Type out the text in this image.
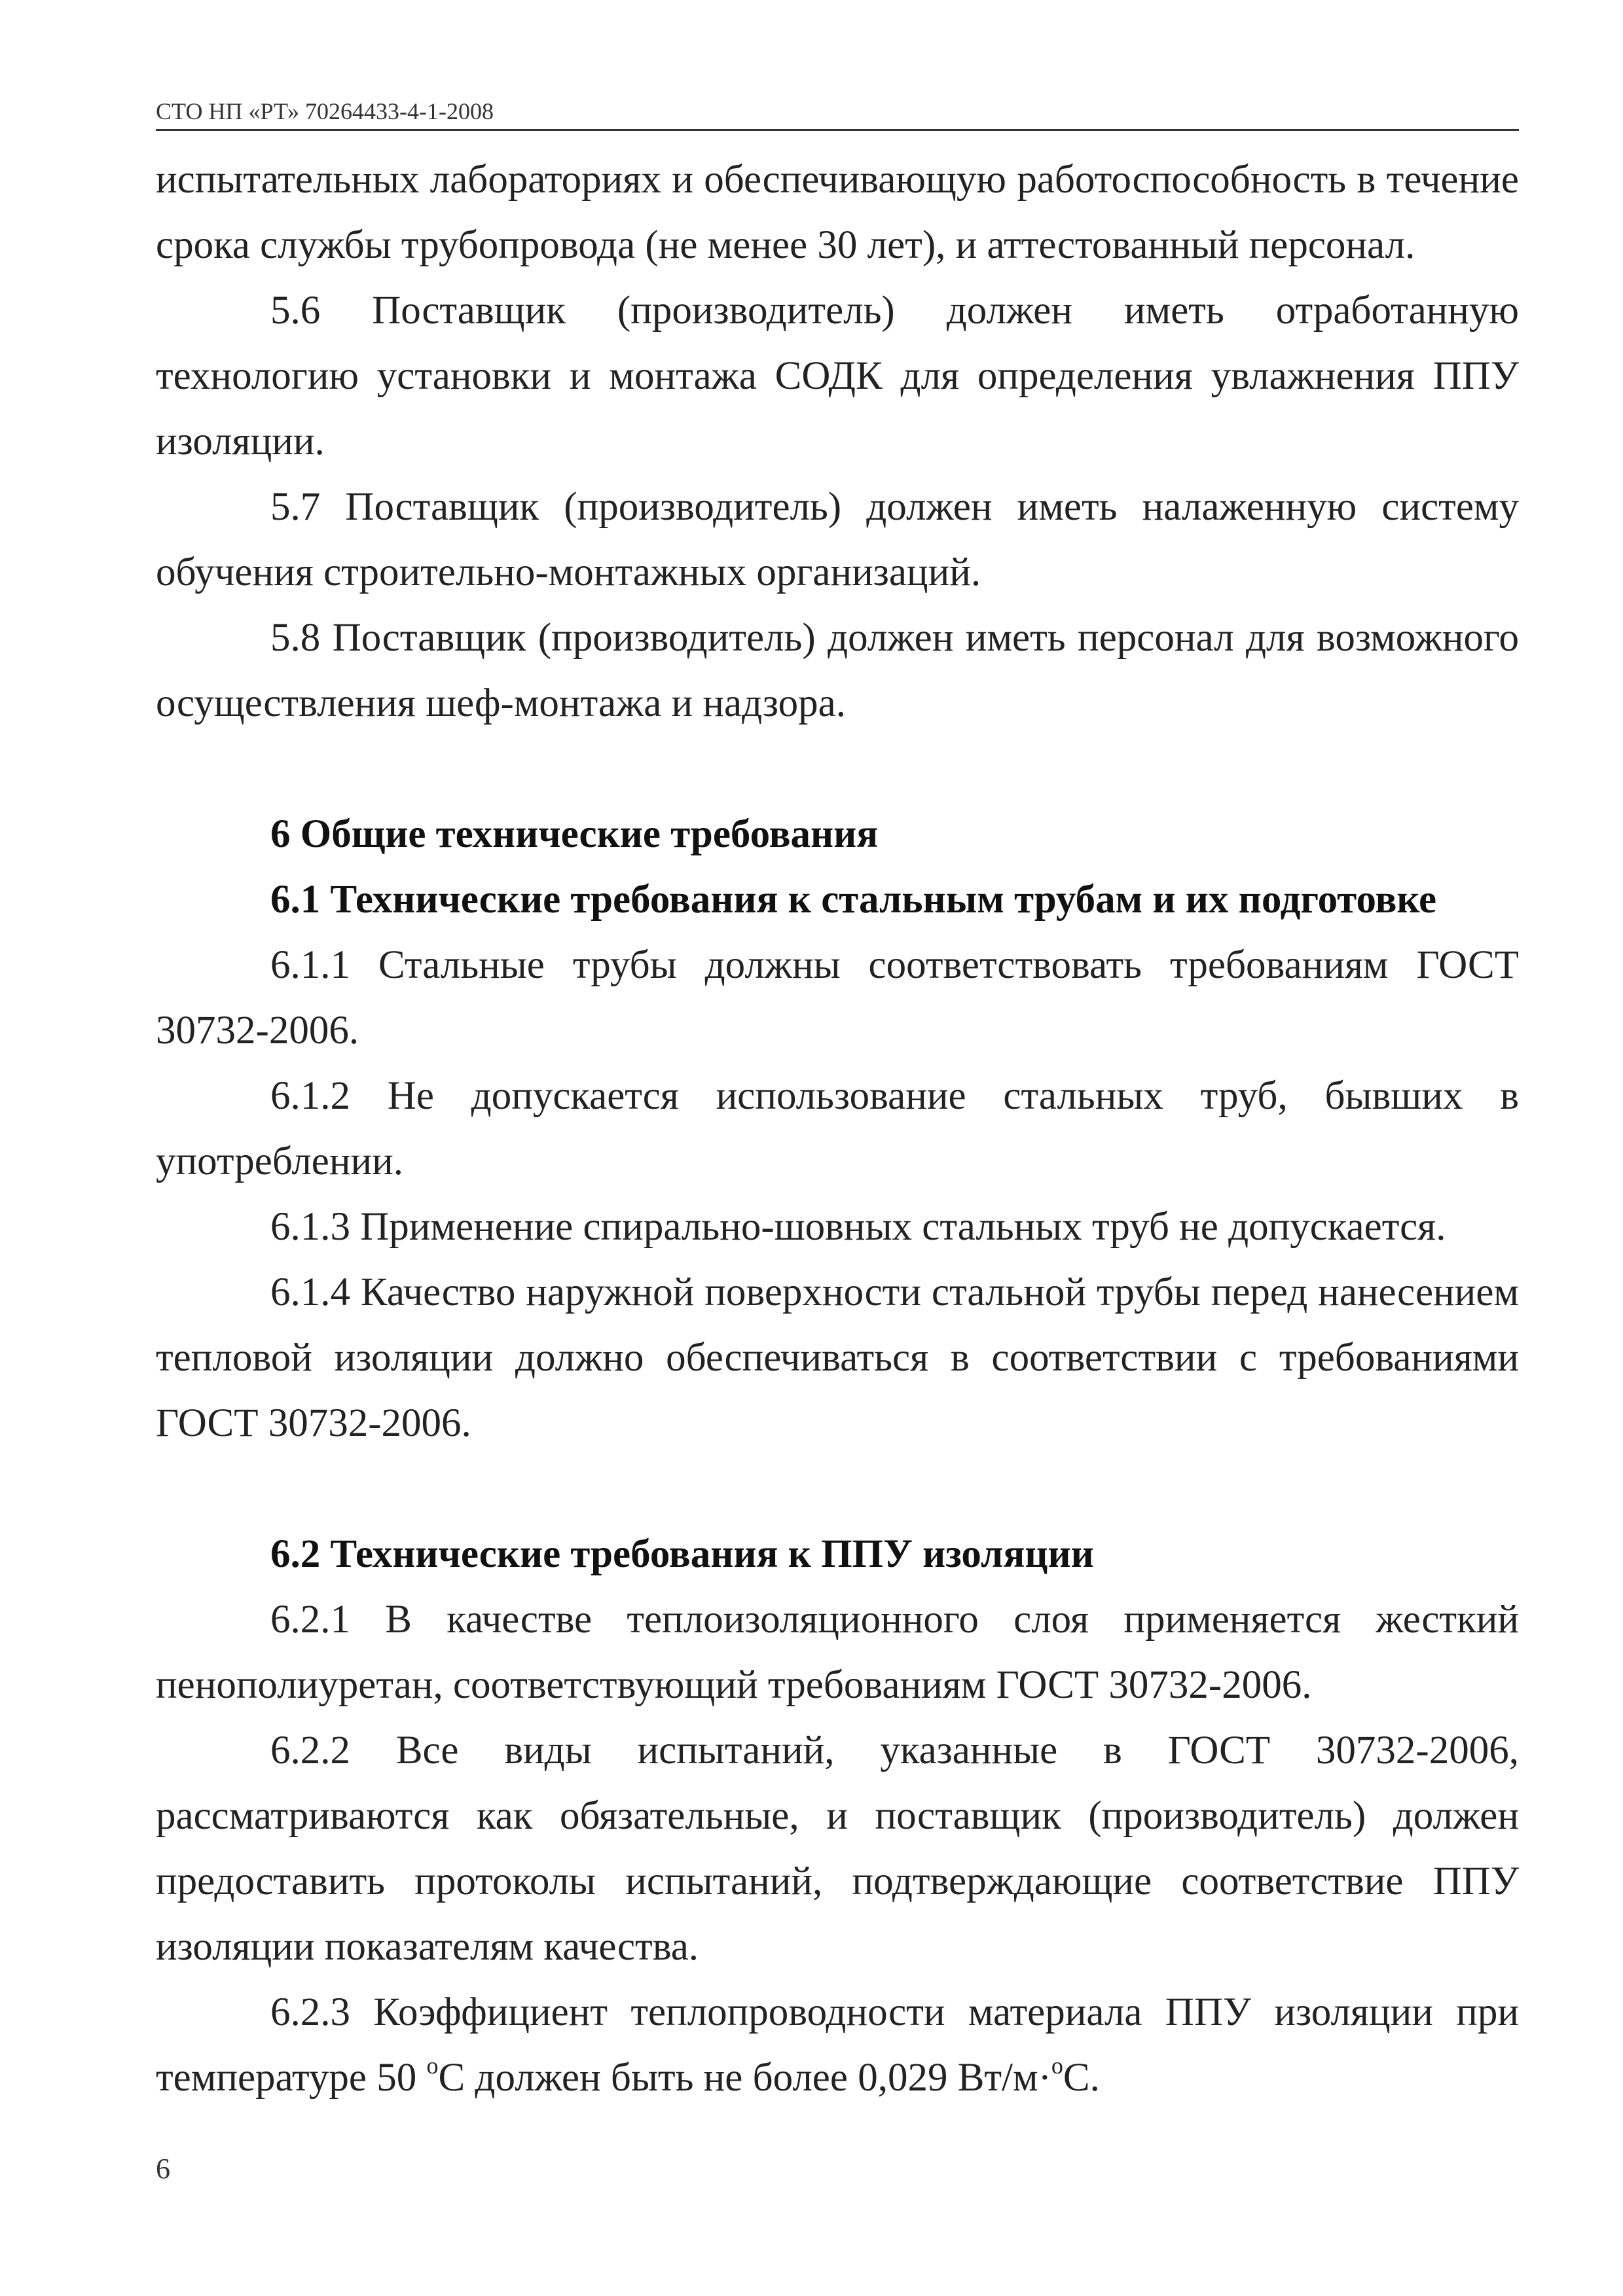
СТО НП «РТ» 70264433-4-1-2008

испытательных лабораториях и обеспечивающую работоспособность в течение срока службы трубопровода (не менее 30 лет), и аттестованный персонал.

5.6 Поставщик (производитель) должен иметь отработанную технологию установки и монтажа СОДК для определения увлажнения ППУ изоляции.

5.7 Поставщик (производитель) должен иметь налаженную систему обучения строительно-монтажных организаций.

5.8 Поставщик (производитель) должен иметь персонал для возможного осуществления шеф-монтажа и надзора.

6 Общие технические требования

6.1 Технические требования к стальным трубам и их подготовке

6.1.1 Стальные трубы должны соответствовать требованиям ГОСТ 30732-2006.

6.1.2 Не допускается использование стальных труб, бывших в употреблении.

6.1.3 Применение спирально-шовных стальных труб не допускается.

6.1.4 Качество наружной поверхности стальной трубы перед нанесением тепловой изоляции должно обеспечиваться в соответствии с требованиями ГОСТ 30732-2006.

6.2 Технические требования к ППУ изоляции

6.2.1 В качестве теплоизоляционного слоя применяется жесткий пенополиуретан, соответствующий требованиям ГОСТ 30732-2006.

6.2.2 Все виды испытаний, указанные в ГОСТ 30732-2006, рассматриваются как обязательные, и поставщик (производитель) должен предоставить протоколы испытаний, подтверждающие соответствие ППУ изоляции показателям качества.

6.2.3 Коэффициент теплопроводности материала ППУ изоляции при температуре 50 $^о$С должен быть не более 0,029 Вт/м·$^о$С.

6
